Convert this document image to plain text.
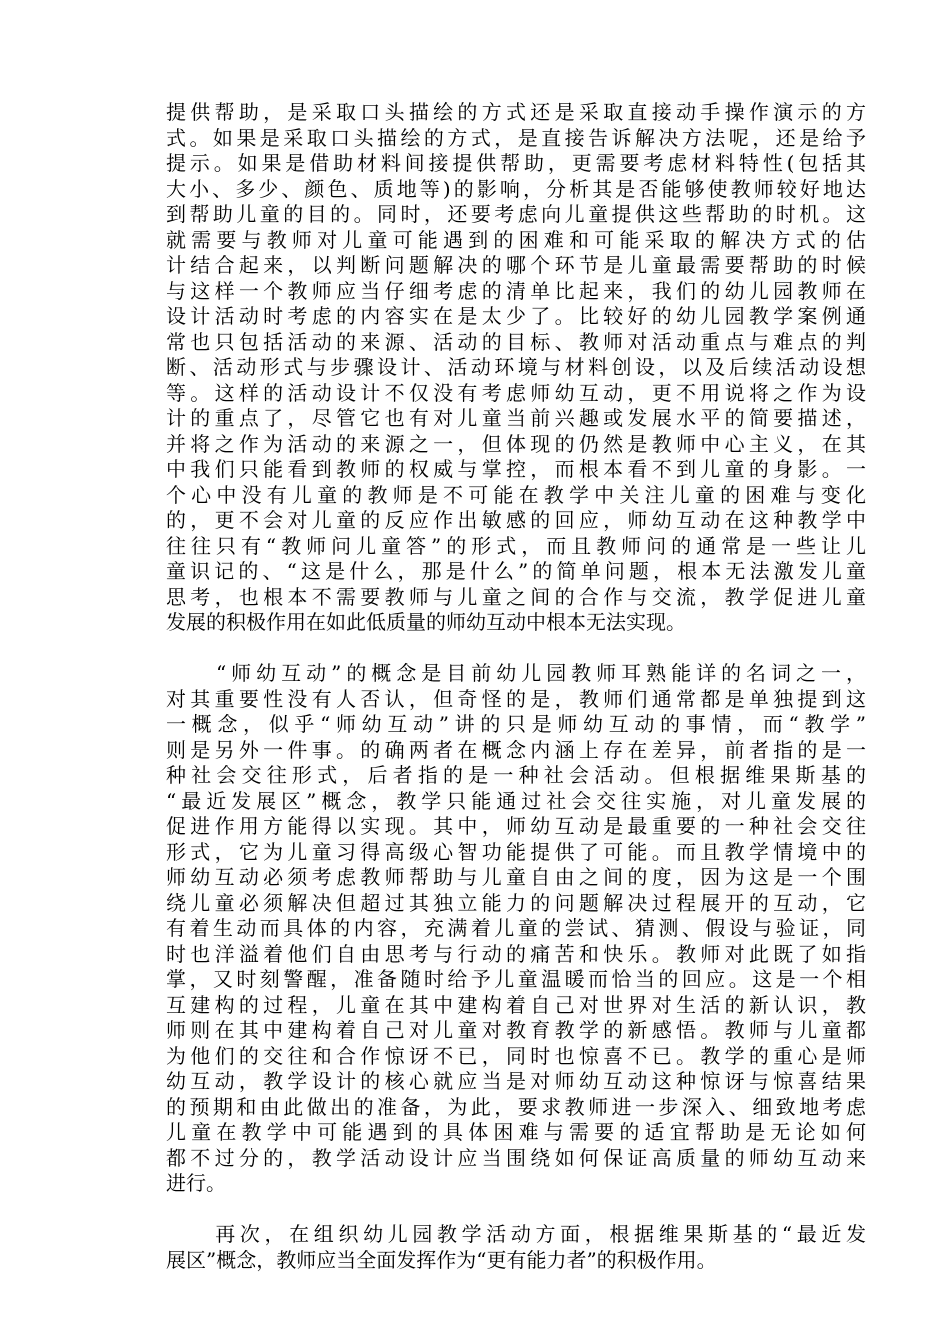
提供帮助，是采取口头描绘的方式还是采取直接动手操作演示的方
式。如果是采取口头描绘的方式，是直接告诉解决方法呢，还是给予
提示。如果是借助材料间接提供帮助，更需要考虑材料特性(包括其
大小、多少、颜色、质地等)的影响，分析其是否能够使教师较好地达
到帮助儿童的目的。同时，还要考虑向儿童提供这些帮助的时机。这
就需要与教师对儿童可能遇到的困难和可能采取的解决方式的估
计结合起来，以判断问题解决的哪个环节是儿童最需要帮助的时候
与这样一个教师应当仔细考虑的清单比起来，我们的幼儿园教师在
设计活动时考虑的内容实在是太少了。比较好的幼儿园教学案例通
常也只包括活动的来源、活动的目标、教师对活动重点与难点的判
断、活动形式与步骤设计、活动环境与材料创设，以及后续活动设想
等。这样的活动设计不仅没有考虑师幼互动，更不用说将之作为设
计的重点了，尽管它也有对儿童当前兴趣或发展水平的简要描述，
并将之作为活动的来源之一，但体现的仍然是教师中心主义，在其
中我们只能看到教师的权威与掌控，而根本看不到儿童的身影。一
个心中没有儿童的教师是不可能在教学中关注儿童的困难与变化
的，更不会对儿童的反应作出敏感的回应，师幼互动在这种教学中
往往只有“教师问儿童答”的形式，而且教师问的通常是一些让儿
童识记的、“这是什么，那是什么”的简单问题，根本无法激发儿童
思考，也根本不需要教师与儿童之间的合作与交流，教学促进儿童
发展的积极作用在如此低质量的师幼互动中根本无法实现。
　　“师幼互动”的概念是目前幼儿园教师耳熟能详的名词之一，
对其重要性没有人否认，但奇怪的是，教师们通常都是单独提到这
一概念，似乎“师幼互动”讲的只是师幼互动的事情，而“教学”
则是另外一件事。的确两者在概念内涵上存在差异，前者指的是一
种社会交往形式，后者指的是一种社会活动。但根据维果斯基的
“最近发展区”概念，教学只能通过社会交往实施，对儿童发展的
促进作用方能得以实现。其中，师幼互动是最重要的一种社会交往
形式，它为儿童习得高级心智功能提供了可能。而且教学情境中的
师幼互动必须考虑教师帮助与儿童自由之间的度，因为这是一个围
绕儿童必须解决但超过其独立能力的问题解决过程展开的互动，它
有着生动而具体的内容，充满着儿童的尝试、猜测、假设与验证，同
时也洋溢着他们自由思考与行动的痛苦和快乐。教师对此既了如指
掌，又时刻警醒，准备随时给予儿童温暖而恰当的回应。这是一个相
互建构的过程，儿童在其中建构着自己对世界对生活的新认识，教
师则在其中建构着自己对儿童对教育教学的新感悟。教师与儿童都
为他们的交往和合作惊讶不已，同时也惊喜不已。教学的重心是师
幼互动，教学设计的核心就应当是对师幼互动这种惊讶与惊喜结果
的预期和由此做出的准备，为此，要求教师进一步深入、细致地考虑
儿童在教学中可能遇到的具体困难与需要的适宜帮助是无论如何
都不过分的，教学活动设计应当围绕如何保证高质量的师幼互动来
进行。
　　再次，在组织幼儿园教学活动方面，根据维果斯基的“最近发
展区”概念，教师应当全面发挥作为“更有能力者”的积极作用。
